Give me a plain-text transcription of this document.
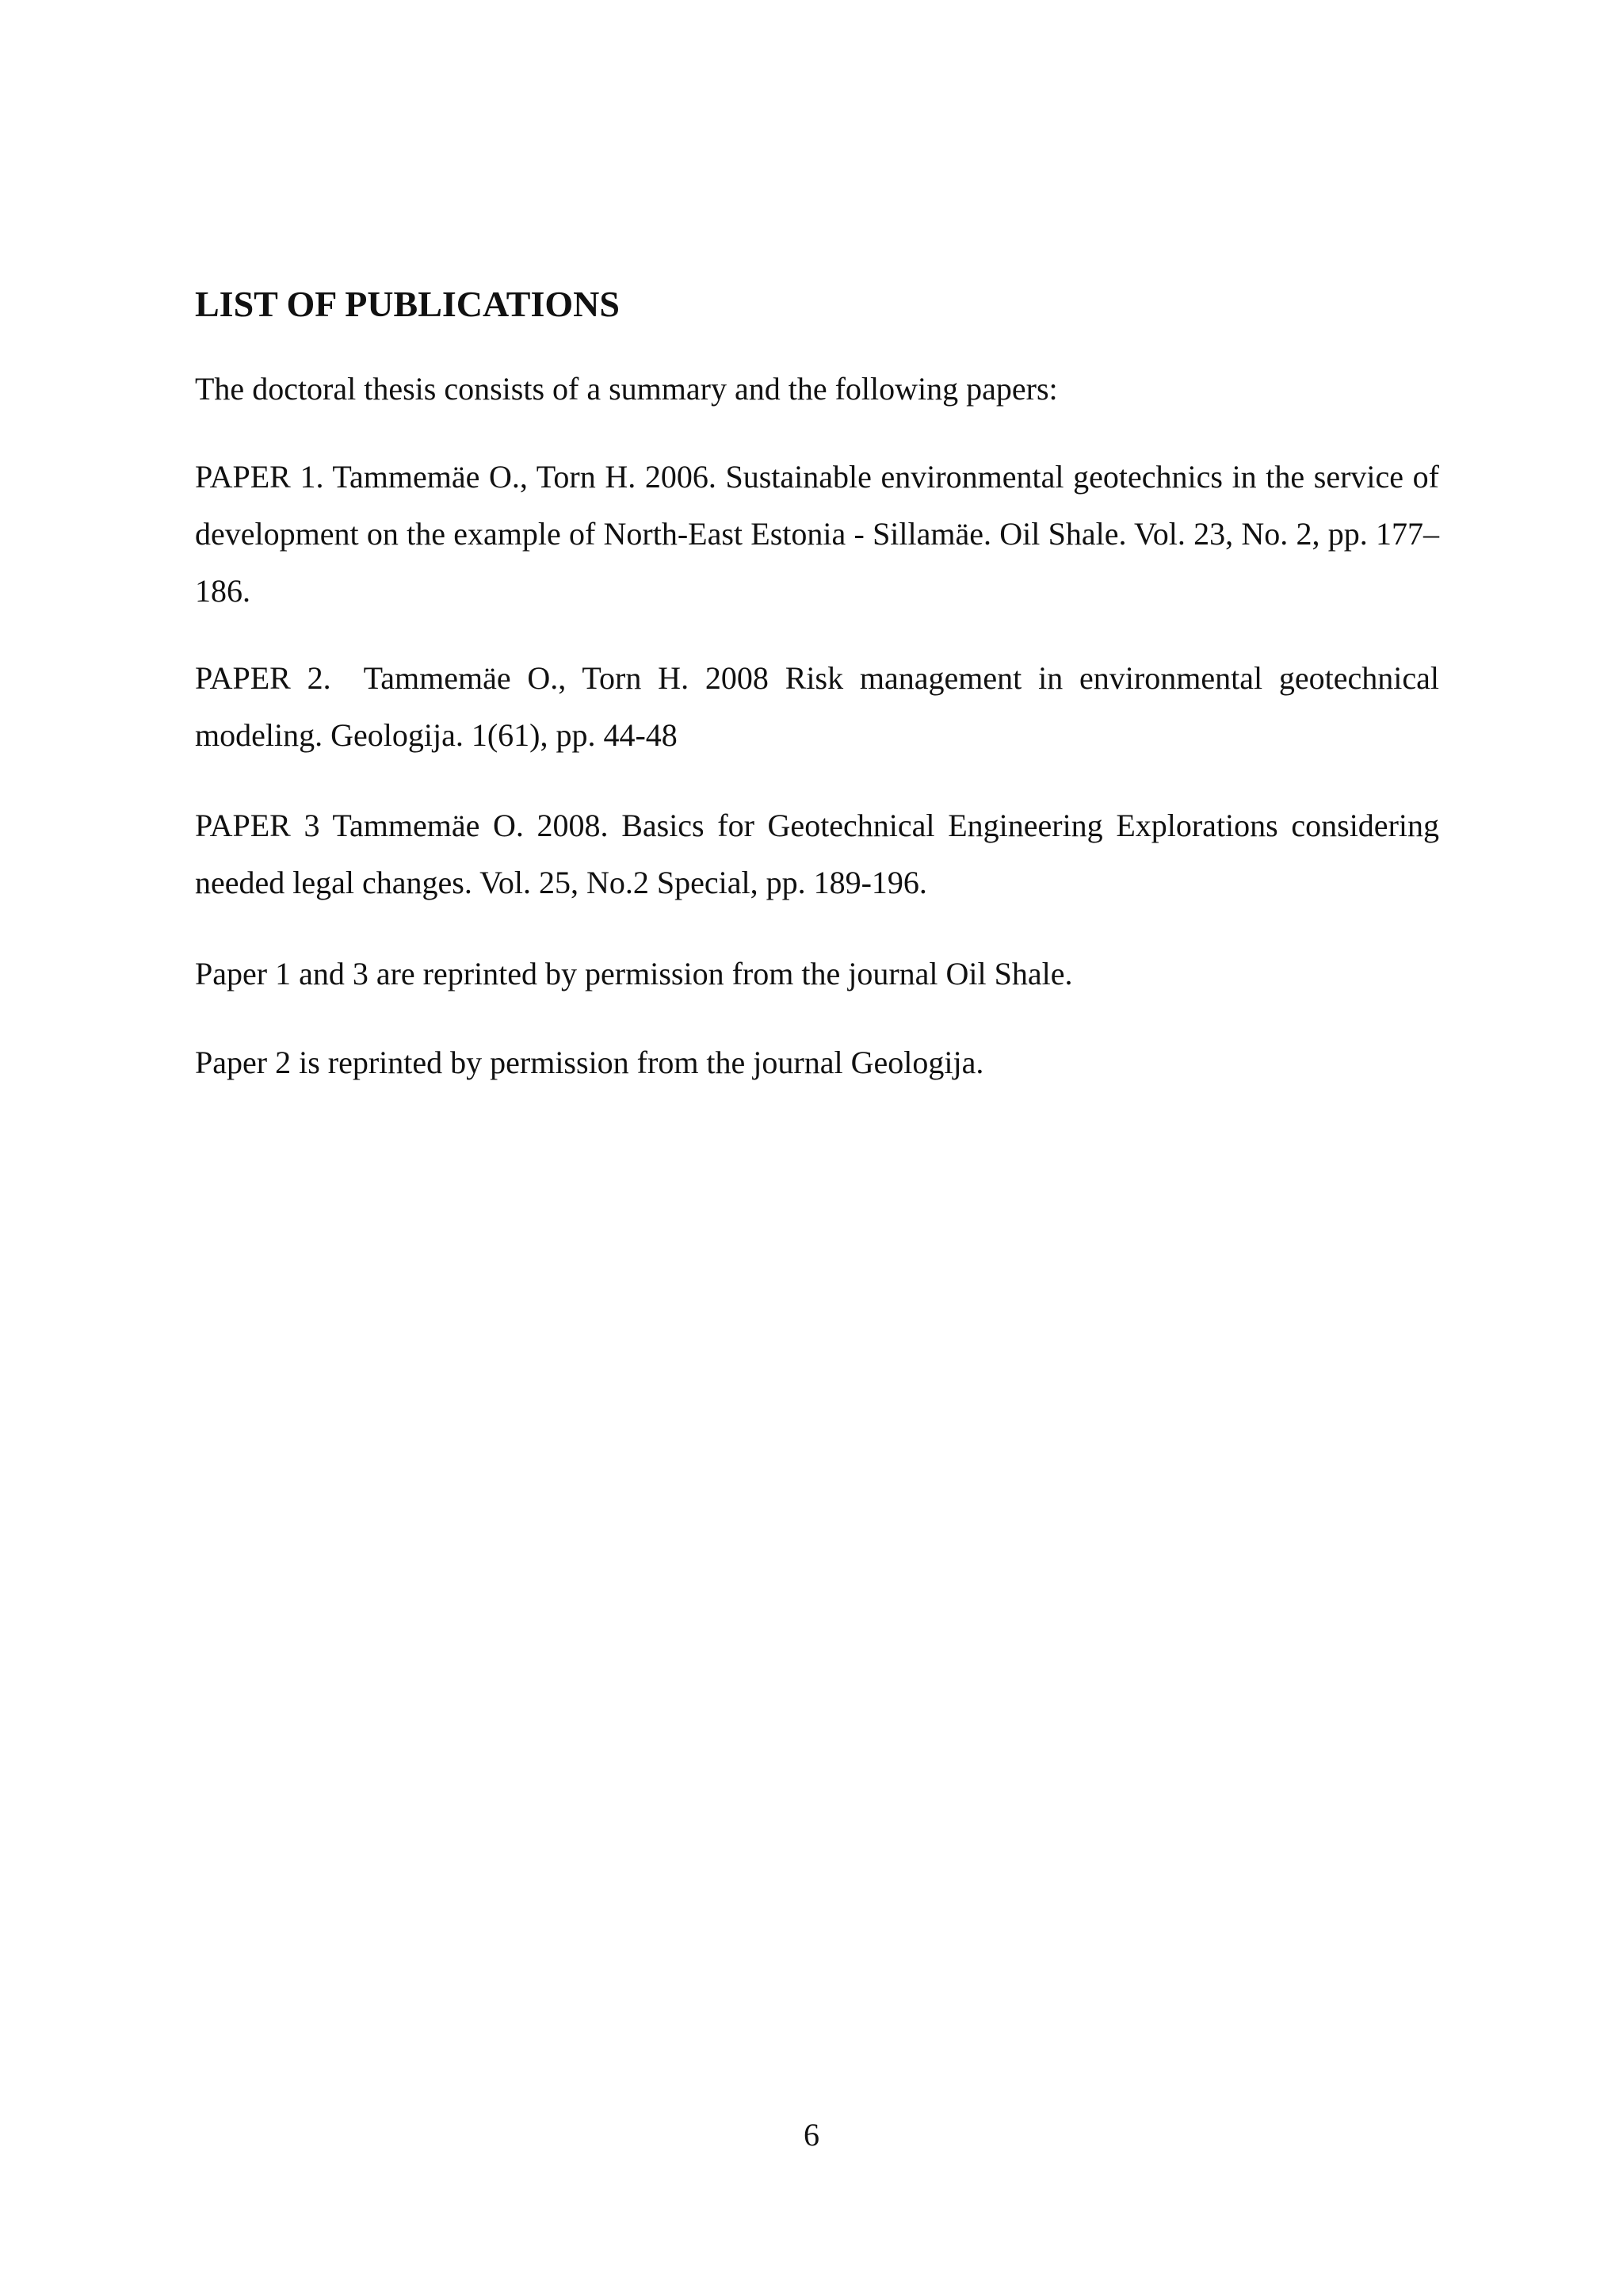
LIST OF PUBLICATIONS

The doctoral thesis consists of a summary and the following papers:

PAPER 1. Tammemäe O., Torn H. 2006. Sustainable environmental geotechnics in the service of development on the example of North-East Estonia - Sillamäe. Oil Shale. Vol. 23, No. 2, pp. 177–186.

PAPER 2.  Tammemäe O., Torn H. 2008 Risk management in environmental geotechnical modeling. Geologija. 1(61), pp. 44-48

PAPER 3 Tammemäe O. 2008. Basics for Geotechnical Engineering Explorations considering needed legal changes. Vol. 25, No.2 Special, pp. 189-196.

Paper 1 and 3 are reprinted by permission from the journal Oil Shale.

Paper 2 is reprinted by permission from the journal Geologija.

6
